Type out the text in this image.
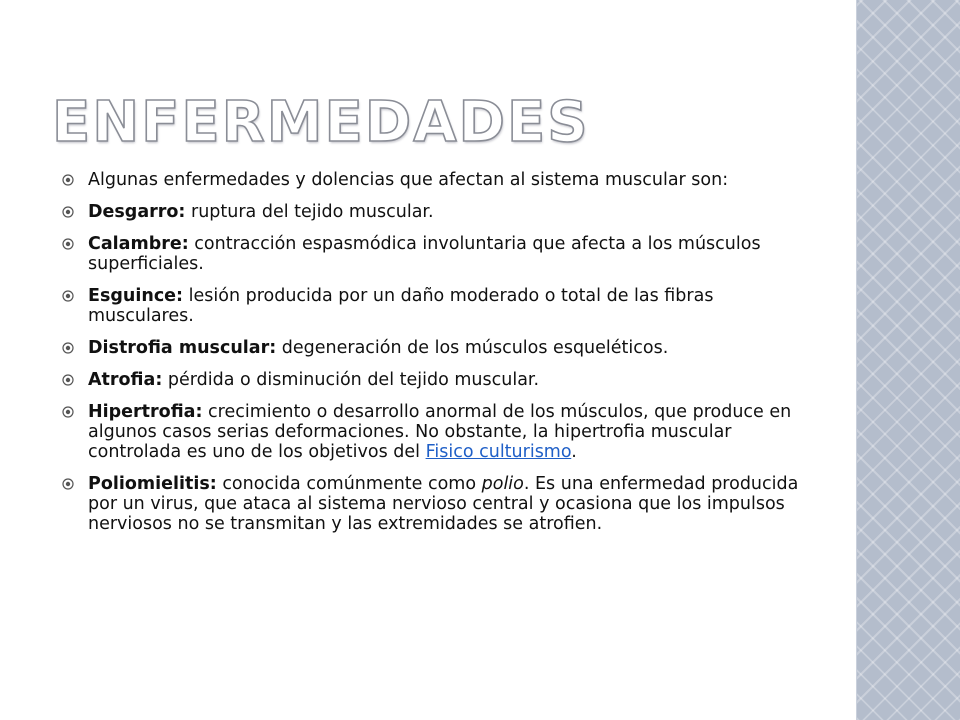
ENFERMEDADES
Algunas enfermedades y dolencias que afectan al sistema muscular son:
Desgarro: ruptura del tejido muscular.
Calambre: contracción espasmódica involuntaria que afecta a los músculos superficiales.
Esguince: lesión producida por un daño moderado o total de las fibras musculares.
Distrofia muscular: degeneración de los músculos esqueléticos.
Atrofia: pérdida o disminución del tejido muscular.
Hipertrofia: crecimiento o desarrollo anormal de los músculos, que produce en algunos casos serias deformaciones. No obstante, la hipertrofia muscular controlada es uno de los objetivos del Fisico culturismo.
Poliomielitis: conocida comúnmente como polio. Es una enfermedad producida por un virus, que ataca al sistema nervioso central y ocasiona que los impulsos nerviosos no se transmitan y las extremidades se atrofien.
